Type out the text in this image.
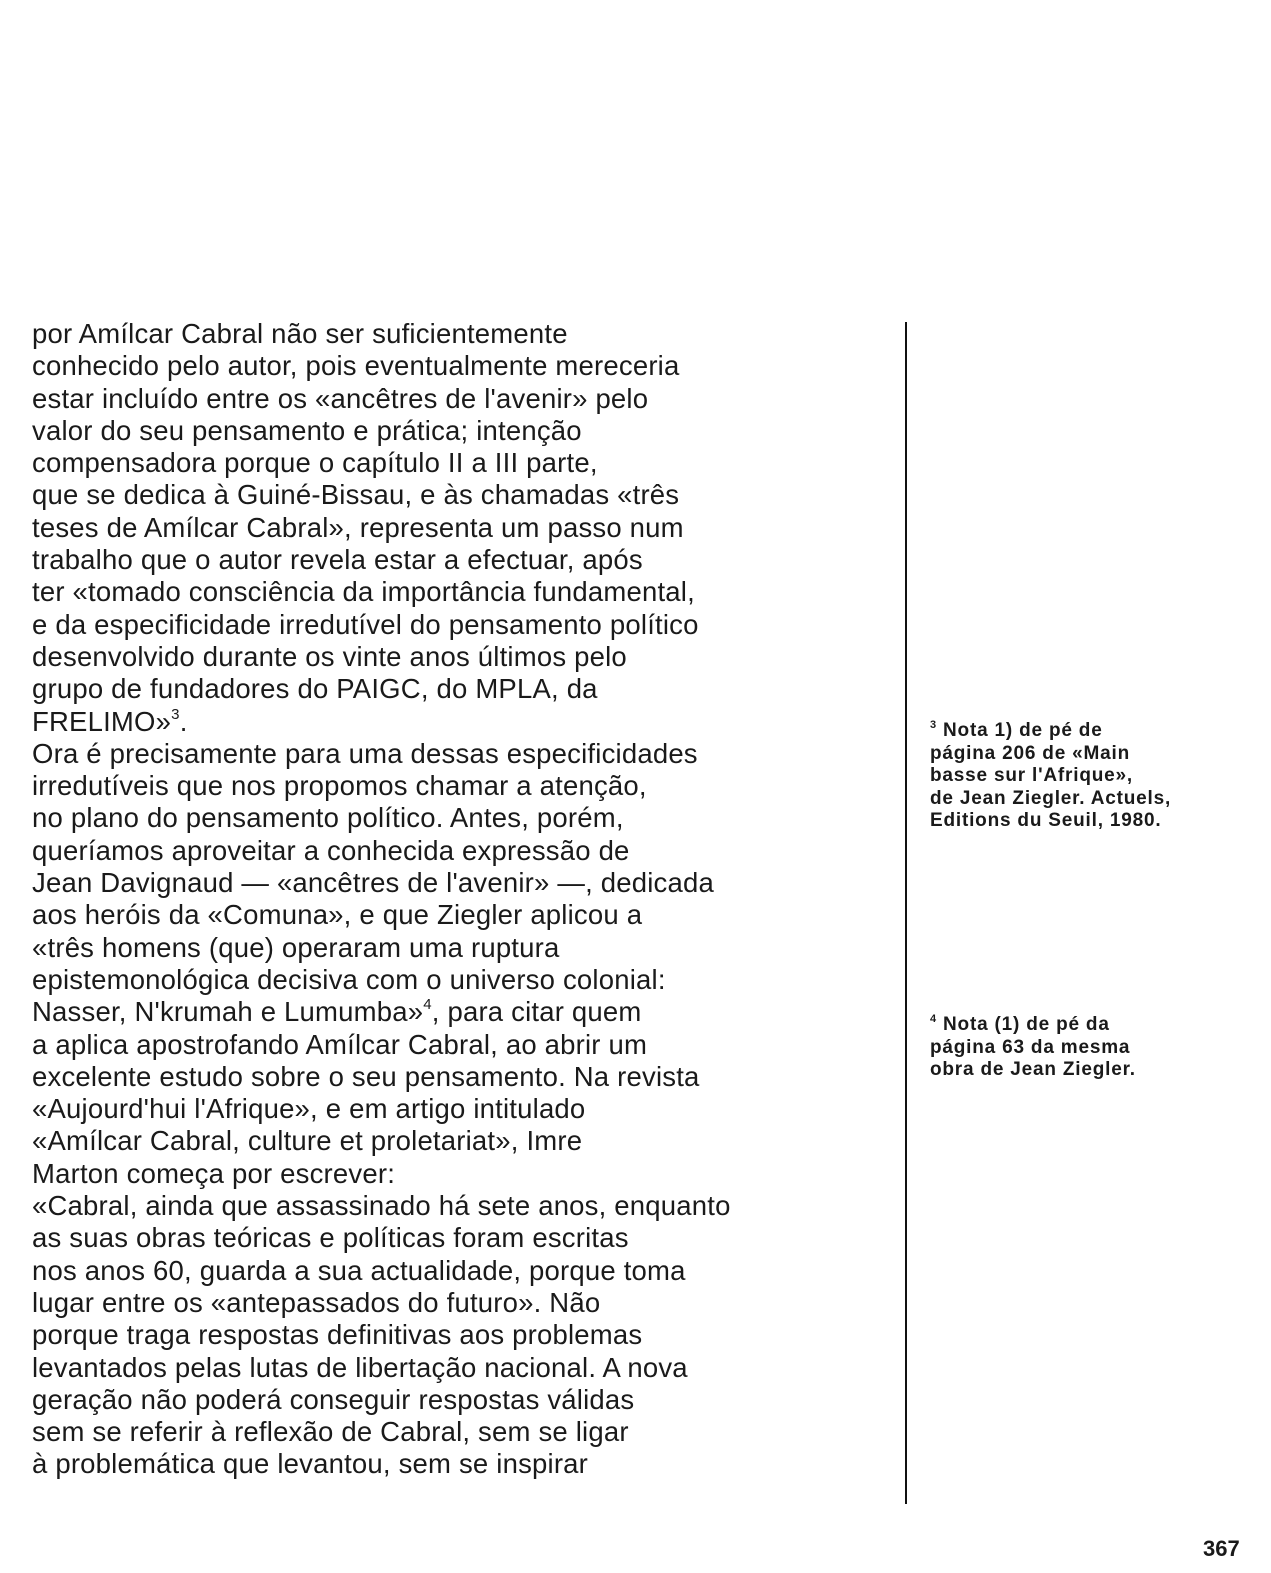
por Amílcar Cabral não ser suficientemente
conhecido pelo autor, pois eventualmente mereceria
estar incluído entre os «ancêtres de l'avenir» pelo
valor do seu pensamento e prática; intenção
compensadora porque o capítulo II a III parte,
que se dedica à Guiné-Bissau, e às chamadas «três
teses de Amílcar Cabral», representa um passo num
trabalho que o autor revela estar a efectuar, após
ter «tomado consciência da importância fundamental,
e da especificidade irredutível do pensamento político
desenvolvido durante os vinte anos últimos pelo
grupo de fundadores do PAIGC, do MPLA, da
FRELIMO»$^3$.
Ora é precisamente para uma dessas especificidades
irredutíveis que nos propomos chamar a atenção,
no plano do pensamento político. Antes, porém,
queríamos aproveitar a conhecida expressão de
Jean Davignaud — «ancêtres de l'avenir» —, dedicada
aos heróis da «Comuna», e que Ziegler aplicou a
«três homens (que) operaram uma ruptura
epistemonológica decisiva com o universo colonial:
Nasser, N'krumah e Lumumba»$^4$, para citar quem
a aplica apostrofando Amílcar Cabral, ao abrir um
excelente estudo sobre o seu pensamento. Na revista
«Aujourd'hui l'Afrique», e em artigo intitulado
«Amílcar Cabral, culture et proletariat», Imre
Marton começa por escrever:
«Cabral, ainda que assassinado há sete anos, enquanto
as suas obras teóricas e políticas foram escritas
nos anos 60, guarda a sua actualidade, porque toma
lugar entre os «antepassados do futuro». Não
porque traga respostas definitivas aos problemas
levantados pelas lutas de libertação nacional. A nova
geração não poderá conseguir respostas válidas
sem se referir à reflexão de Cabral, sem se ligar
à problemática que levantou, sem se inspirar
$^3$ Nota 1) de pé de
página 206 de «Main
basse sur l'Afrique»,
de Jean Ziegler. Actuels,
Editions du Seuil, 1980.
$^4$ Nota (1) de pé da
página 63 da mesma
obra de Jean Ziegler.
367
